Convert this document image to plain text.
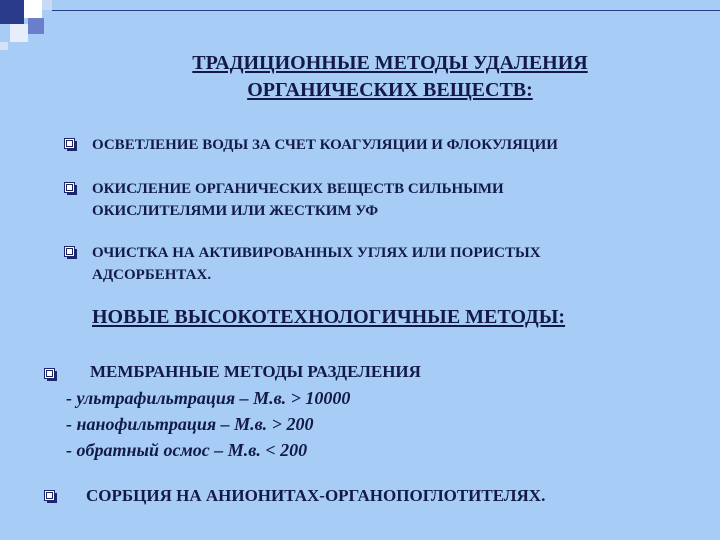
ТРАДИЦИОННЫЕ МЕТОДЫ УДАЛЕНИЯ
ОРГАНИЧЕСКИХ ВЕЩЕСТВ:
ОСВЕТЛЕНИЕ ВОДЫ ЗА СЧЕТ КОАГУЛЯЦИИ И ФЛОКУЛЯЦИИ
ОКИСЛЕНИЕ ОРГАНИЧЕСКИХ ВЕЩЕСТВ СИЛЬНЫМИ
ОКИСЛИТЕЛЯМИ ИЛИ ЖЕСТКИМ УФ
ОЧИСТКА НА АКТИВИРОВАННЫХ УГЛЯХ ИЛИ ПОРИСТЫХ
АДСОРБЕНТАХ.
НОВЫЕ ВЫСОКОТЕХНОЛОГИЧНЫЕ МЕТОДЫ:
МЕМБРАННЫЕ МЕТОДЫ РАЗДЕЛЕНИЯ
- ультрафильтрация – М.в. > 10000
- нанофильтрация – М.в. > 200
- обратный осмос – М.в. < 200
СОРБЦИЯ НА АНИОНИТАХ-ОРГАНОПОГЛОТИТЕЛЯХ.
